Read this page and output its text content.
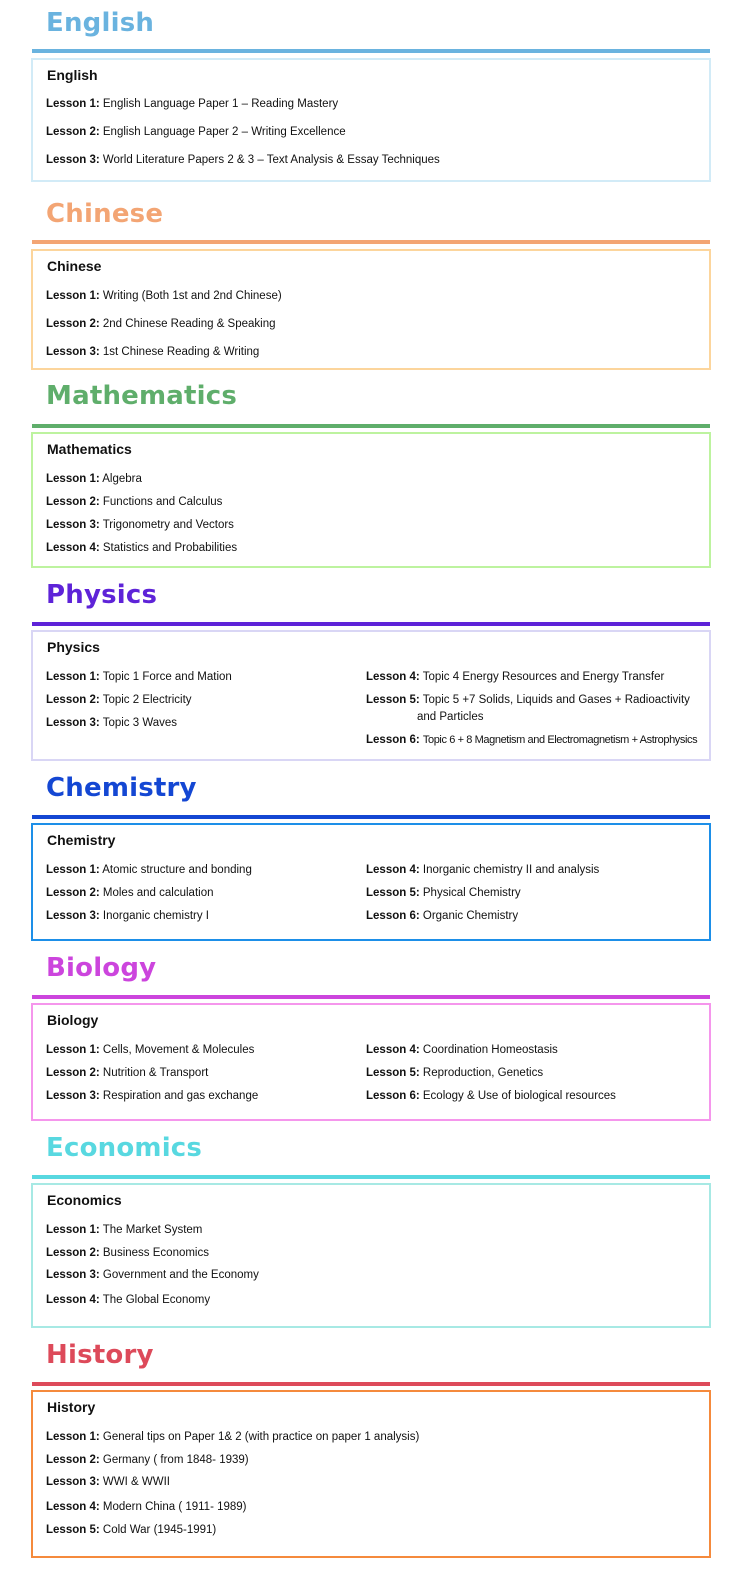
English
English
Lesson 1: English Language Paper 1 – Reading Mastery
Lesson 2: English Language Paper 2 – Writing Excellence
Lesson 3: World Literature Papers 2 & 3 – Text Analysis & Essay Techniques
Chinese
Chinese
Lesson 1: Writing (Both 1st and 2nd Chinese)
Lesson 2: 2nd Chinese Reading & Speaking
Lesson 3: 1st Chinese Reading & Writing
Mathematics
Mathematics
Lesson 1: Algebra
Lesson 2: Functions and Calculus
Lesson 3: Trigonometry and Vectors
Lesson 4: Statistics and Probabilities
Physics
Physics
Lesson 1: Topic 1 Force and Mation
Lesson 2: Topic 2 Electricity
Lesson 3: Topic 3 Waves
Lesson 4: Topic 4 Energy Resources and Energy Transfer
Lesson 5: Topic 5 +7 Solids, Liquids and Gases + Radioactivity
and Particles
Lesson 6: Topic 6 + 8 Magnetism and Electromagnetism + Astrophysics
Chemistry
Chemistry
Lesson 1: Atomic structure and bonding
Lesson 2: Moles and calculation
Lesson 3: Inorganic chemistry I
Lesson 4: Inorganic chemistry II and analysis
Lesson 5: Physical Chemistry
Lesson 6: Organic Chemistry
Biology
Biology
Lesson 1: Cells, Movement & Molecules
Lesson 2: Nutrition & Transport
Lesson 3: Respiration and gas exchange
Lesson 4: Coordination Homeostasis
Lesson 5: Reproduction, Genetics
Lesson 6: Ecology & Use of biological resources
Economics
Economics
Lesson 1: The Market System
Lesson 2: Business Economics
Lesson 3: Government and the Economy
Lesson 4: The Global Economy
History
History
Lesson 1: General tips on Paper 1& 2 (with practice on paper 1 analysis)
Lesson 2: Germany ( from 1848- 1939)
Lesson 3: WWI & WWII
Lesson 4: Modern China ( 1911- 1989)
Lesson 5: Cold War (1945-1991)
